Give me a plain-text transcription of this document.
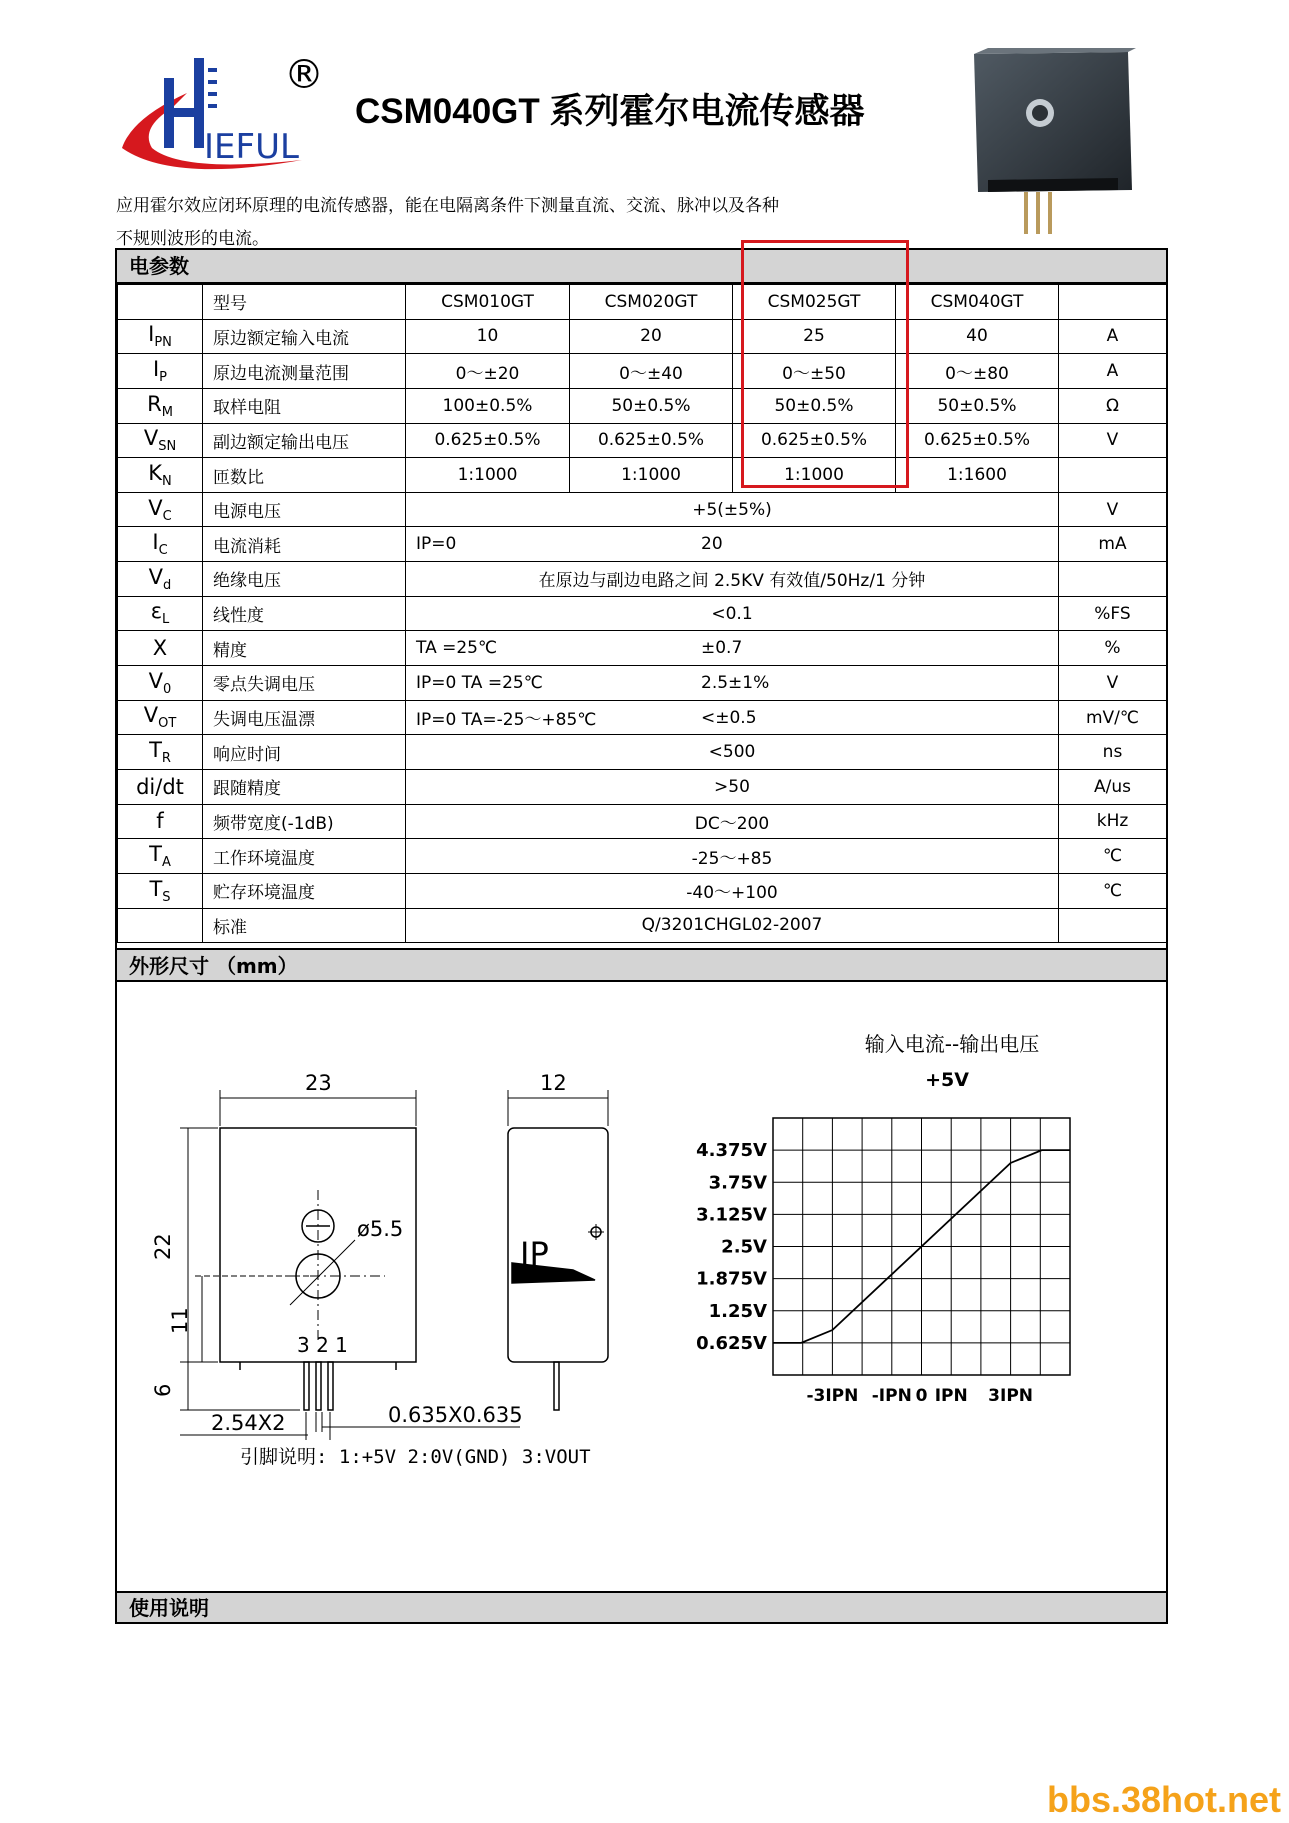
IEFUL
®
CSM040GT 系列霍尔电流传感器
应用霍尔效应闭环原理的电流传感器，能在电隔离条件下测量直流、交流、脉冲以及各种
不规则波形的电流。
电参数
	型号	CSM010GT	CSM020GT	CSM025GT	CSM040GT	
$I_{PN}$	原边额定输入电流	10	20	25	40	A
$I_P$	原边电流测量范围	0～±20	0～±40	0～±50	0～±80	A
$R_M$	取样电阻	100±0.5%	50±0.5%	50±0.5%	50±0.5%	Ω
$V_{SN}$	副边额定输出电压	0.625±0.5%	0.625±0.5%	0.625±0.5%	0.625±0.5%	V
$K_N$	匝数比	1:1000	1:1000	1:1000	1:1600	
$V_C$	电源电压	+5(±5%)				V
$I_C$	电流消耗	IP=0 20				mA
$V_d$	绝缘电压	在原边与副边电路之间 2.5KV 有效值/50Hz/1 分钟				
$\varepsilon_L$	线性度	<0.1				%FS
X	精度	TA =25℃ ±0.7				%
$V_0$	零点失调电压	IP=0 TA =25℃ 2.5±1%				V
$V_{OT}$	失调电压温漂	IP=0 TA=-25～+85℃ <±0.5				mV/℃
$T_R$	响应时间	<500				ns
di/dt	跟随精度	>50				A/us
f	频带宽度(-1dB)	DC～200				kHz
$T_A$	工作环境温度	-25～+85				℃
$T_S$	贮存环境温度	-40～+100				℃
	标准	Q/3201CHGL02-2007				
外形尺寸 （mm）
使用说明
23	12
22
11
6
ø5.5
3 2 1
2.54X2	0.635X0.635
IP
引脚说明: 1:+5V 2:0V(GND) 3:VOUT
输入电流--输出电压
+5V
4.375V
3.75V
3.125V
2.5V
1.875V
1.25V
0.625V
-3IPN -IPN 0 IPN 3IPN
bbs.38hot.net
